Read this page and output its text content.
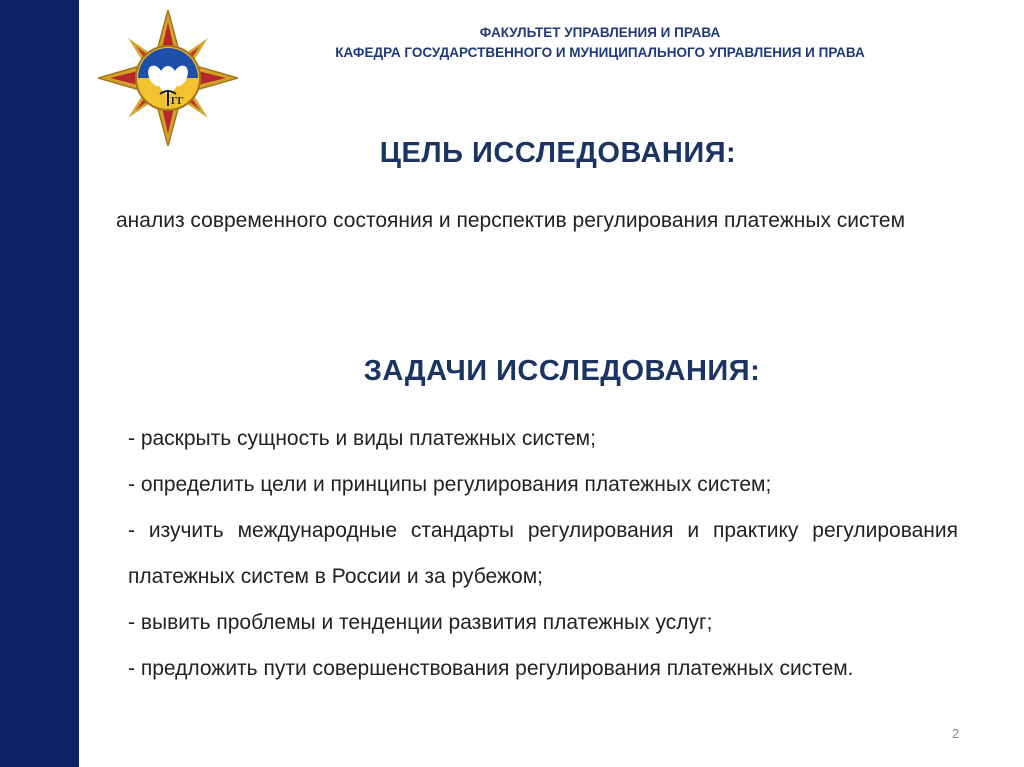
ГГ
ФАКУЛЬТЕТ УПРАВЛЕНИЯ И ПРАВА
КАФЕДРА ГОСУДАРСТВЕННОГО И МУНИЦИПАЛЬНОГО УПРАВЛЕНИЯ И ПРАВА
ЦЕЛЬ ИССЛЕДОВАНИЯ:
анализ современного состояния и перспектив регулирования платежных систем
ЗАДАЧИ ИССЛЕДОВАНИЯ:
- раскрыть сущность и виды платежных систем;
- определить цели и принципы регулирования платежных систем;
- изучить международные стандарты регулирования и практику регулирования платежных систем в России и за рубежом;
- вывить проблемы и тенденции развития платежных услуг;
- предложить пути совершенствования регулирования платежных систем.
2
